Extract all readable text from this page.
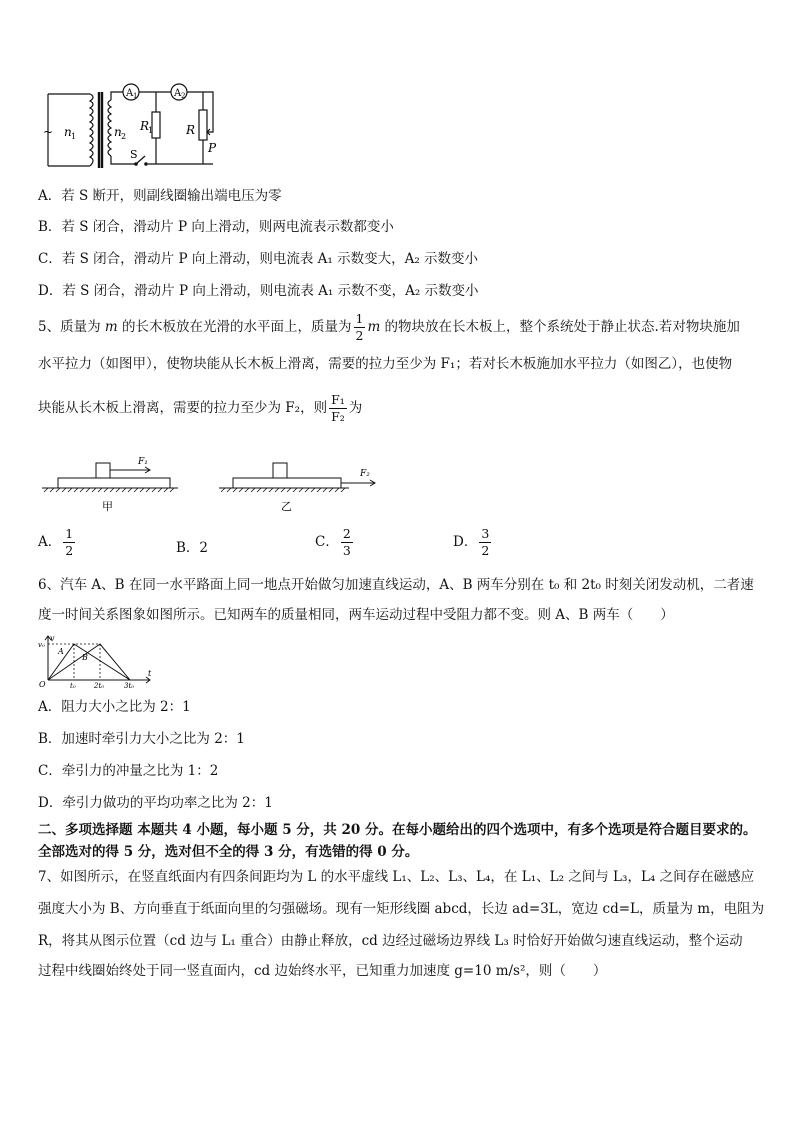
~ n 1	n 2
A 1	A 2
R
1	R
P
S
A．若 S 断开，则副线圈输出端电压为零
B．若 S 闭合，滑动片 P 向上滑动，则两电流表示数都变小
C．若 S 闭合，滑动片 P 向上滑动，则电流表 A₁ 示数变大，A₂ 示数变小
D．若 S 闭合，滑动片 P 向上滑动，则电流表 A₁ 示数不变，A₂ 示数变小
5、质量为 m 的长木板放在光滑的水平面上，质量为 $\frac{1}{2}$ m 的物块放在长木板上，整个系统处于静止状态.若对物块施加
水平拉力（如图甲），使物块能从长木板上滑离，需要的拉力至少为 F₁；若对长木板施加水平拉力（如图乙），也使物
块能从长木板上滑离，需要的拉力至少为 F₂，则 $\frac{\text{F₁}}{\text{F₂}}$ 为
F₁
甲
F₂
乙
A． $\frac{1}{2}$	B．2	C． $\frac{2}{3}$	D． $\frac{3}{2}$
6、汽车 A、B 在同一水平路面上同一地点开始做匀加速直线运动，A、B 两车分别在 t₀ 和 2t₀ 时刻关闭发动机，二者速
度一时间关系图象如图所示。已知两车的质量相同，两车运动过程中受阻力都不变。则 A、B 两车（　　）
v
v₀
O
t
t₀	2t₀	3t₀
A
B
A．阻力大小之比为 2：1
B．加速时牵引力大小之比为 2：1
C．牵引力的冲量之比为 1：2
D．牵引力做功的平均功率之比为 2：1
二、多项选择题 本题共 4 小题，每小题 5 分，共 20 分。在每小题给出的四个选项中，有多个选项是符合题目要求的。
全部选对的得 5 分，选对但不全的得 3 分，有选错的得 0 分。
7、如图所示，在竖直纸面内有四条间距均为 L 的水平虚线 L₁、L₂、L₃、L₄，在 L₁、L₂ 之间与 L₃，L₄ 之间存在磁感应
强度大小为 B、方向垂直于纸面向里的匀强磁场。现有一矩形线圈 abcd，长边 ad=3L，宽边 cd=L，质量为 m，电阻为
R，将其从图示位置（cd 边与 L₁ 重合）由静止释放，cd 边经过磁场边界线 L₃ 时恰好开始做匀速直线运动，整个运动
过程中线圈始终处于同一竖直面内，cd 边始终水平，已知重力加速度 g=10 m/s²，则（　　）
